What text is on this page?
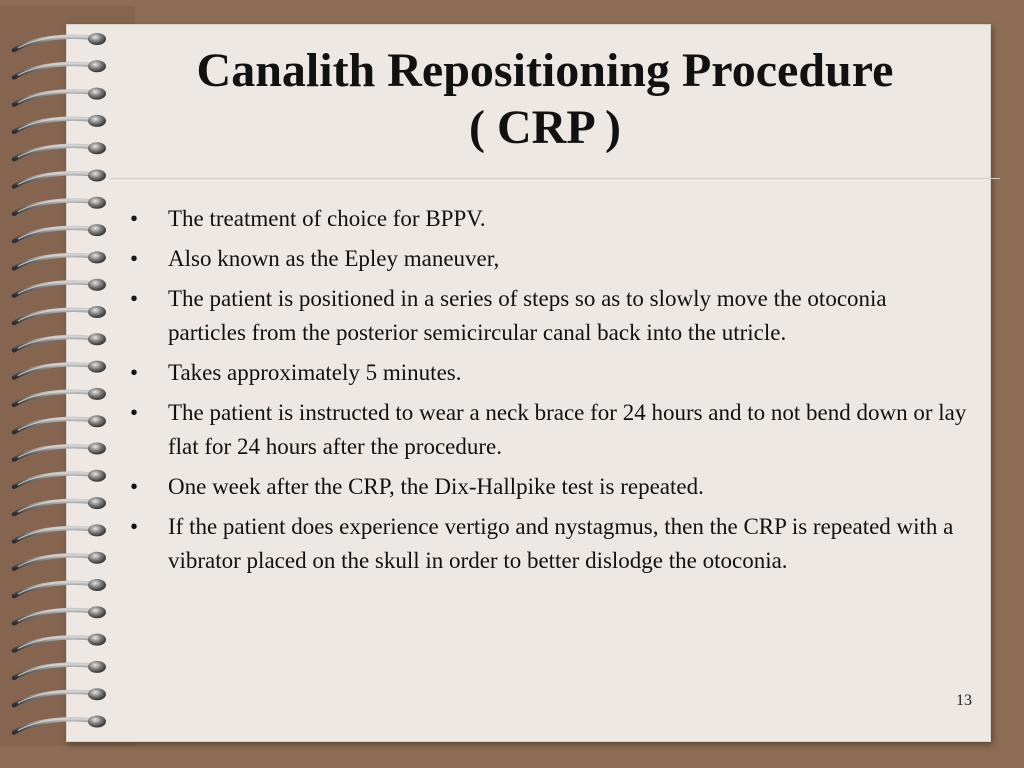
Canalith Repositioning Procedure
( CRP )
• The treatment of choice for BPPV.
• Also known as the Epley maneuver,
• The patient is positioned in a series of steps so as to slowly move the otoconia particles from the posterior semicircular canal back into the utricle.
• Takes approximately 5 minutes.
• The patient is instructed to wear a neck brace for 24 hours and to not bend down or lay flat for 24 hours after the procedure.
• One week after the CRP, the Dix-Hallpike test is repeated.
• If the patient does experience vertigo and nystagmus, then the CRP is repeated with a vibrator placed on the skull in order to better dislodge the otoconia.
13
